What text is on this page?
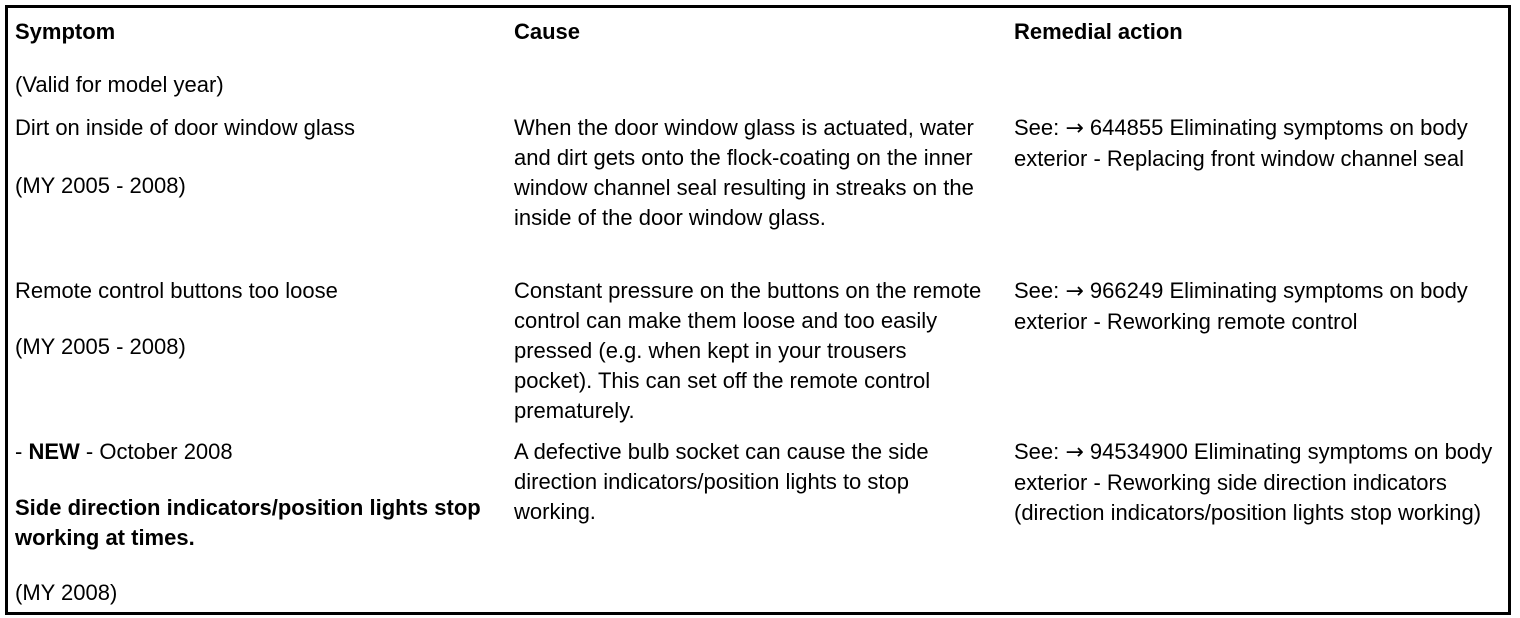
Symptom	Cause	Remedial action
(Valid for model year)
Dirt on inside of door window glass
(MY 2005 - 2008)
When the door window glass is actuated, water and dirt gets onto the flock-coating on the inner window channel seal resulting in streaks on the inside of the door window glass.
See: → 644855 Eliminating symptoms on body exterior - Replacing front window channel seal
Remote control buttons too loose
(MY 2005 - 2008)
Constant pressure on the buttons on the remote control can make them loose and too easily pressed (e.g. when kept in your trousers pocket). This can set off the remote control prematurely.
See: → 966249 Eliminating symptoms on body exterior - Reworking remote control
- NEW - October 2008
Side direction indicators/position lights stop working at times.
(MY 2008)
A defective bulb socket can cause the side direction indicators/position lights to stop working.
See: → 94534900 Eliminating symptoms on body exterior - Reworking side direction indicators (direction indicators/position lights stop working)
